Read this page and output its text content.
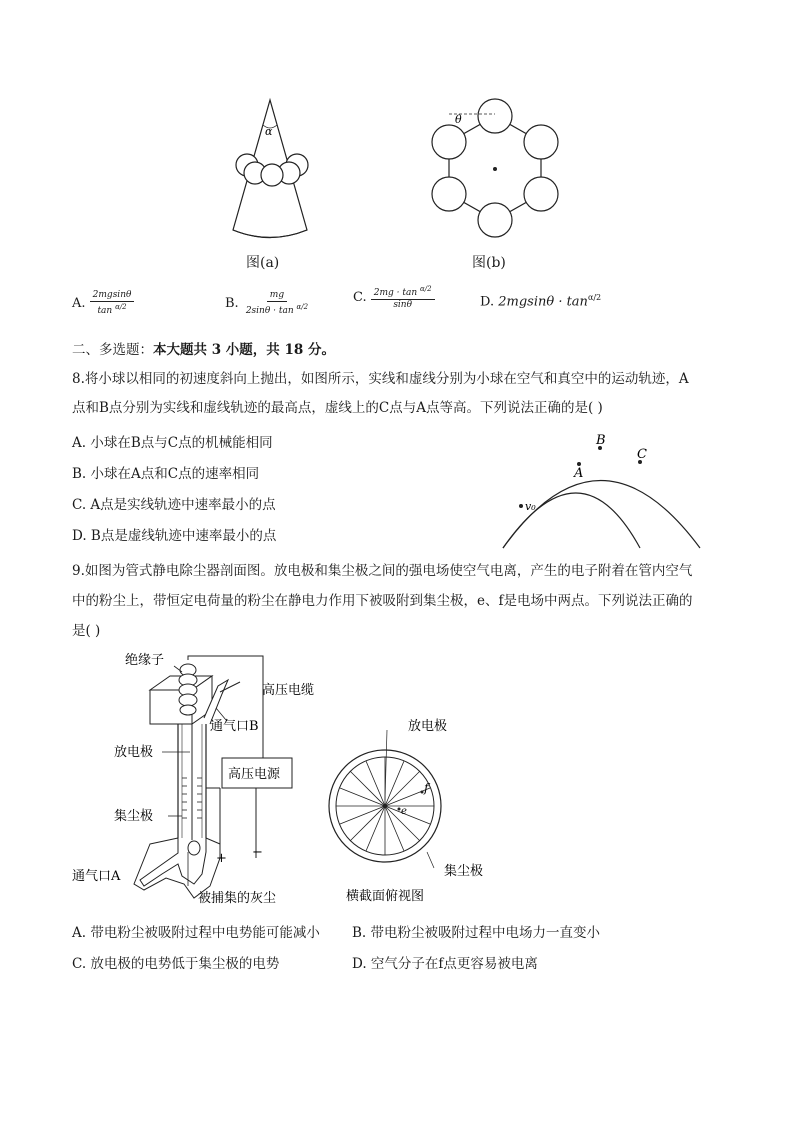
α
图(a)
θ
图(b)
A. $\frac{2mgsin\theta}{\tan ^{\alpha/2}}$	B. $\frac{mg}{2\sin\theta \cdot \tan ^{\alpha/2}}$	C. $\frac{2mg \cdot \tan ^{\alpha/2}}{\sin\theta}$	D. $2mgsin\theta \cdot \tan^{\alpha/2}$
二、多选题：本大题共 3 小题，共 18 分。
8.将小球以相同的初速度斜向上抛出，如图所示，实线和虚线分别为小球在空气和真空中的运动轨迹，A
点和B点分别为实线和虚线轨迹的最高点，虚线上的C点与A点等高。下列说法正确的是( )
A. 小球在B点与C点的机械能相同
B. 小球在A点和C点的速率相同
C. A点是实线轨迹中速率最小的点
D. B点是虚线轨迹中速率最小的点
B
C
A
v₀
9.如图为管式静电除尘器剖面图。放电极和集尘极之间的强电场使空气电离，产生的电子附着在管内空气
中的粉尘上，带恒定电荷量的粉尘在静电力作用下被吸附到集尘极，e、f是电场中两点。下列说法正确的
是( )
绝缘子
高压电缆
通气口B
放电极
高压电源
集尘极
+ −
通气口A
被捕集的灰尘
f
e
放电极
集尘极
横截面俯视图
A. 带电粉尘被吸附过程中电势能可能减小 B. 带电粉尘被吸附过程中电场力一直变小
C. 放电极的电势低于集尘极的电势	D. 空气分子在f点更容易被电离
